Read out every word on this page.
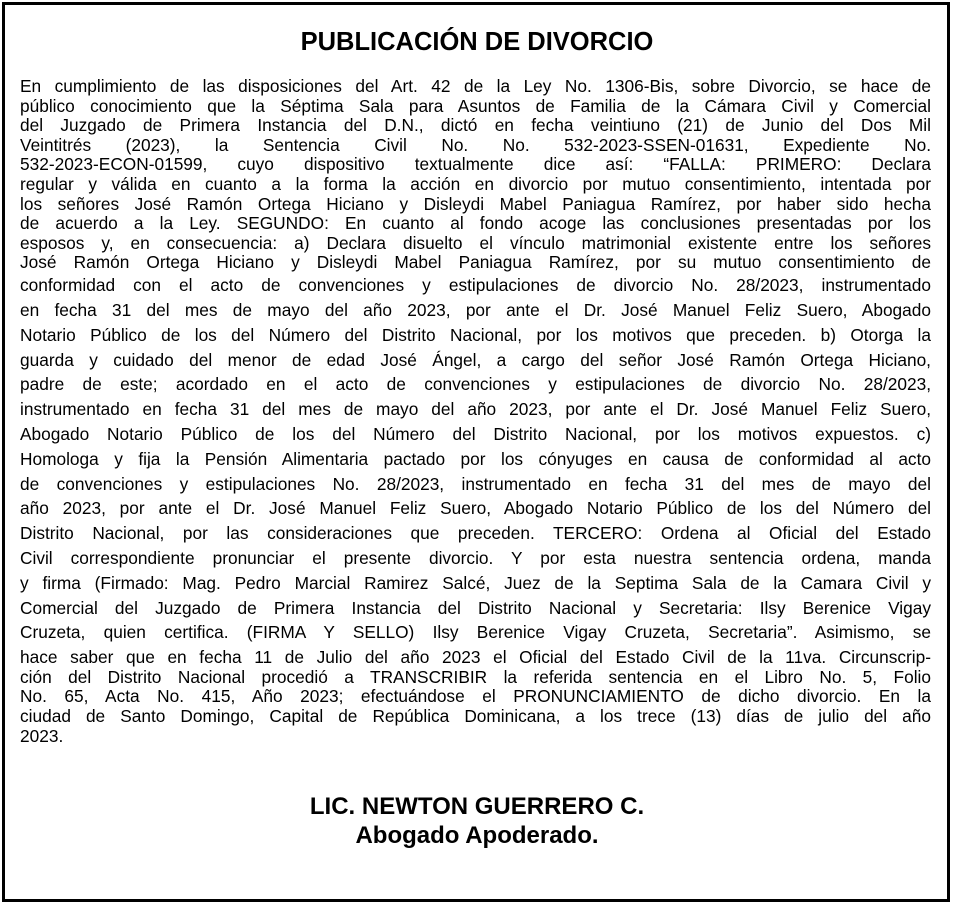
PUBLICACIÓN DE DIVORCIO
En cumplimiento de las disposiciones del Art. 42 de la Ley No. 1306-Bis, sobre Divorcio, se hace de
público conocimiento que la Séptima Sala para Asuntos de Familia de la Cámara Civil y Comercial
del Juzgado de Primera Instancia del D.N., dictó en fecha veintiuno (21) de Junio del Dos Mil
Veintitrés (2023), la Sentencia Civil No. No. 532-2023-SSEN-01631, Expediente No.
532-2023-ECON-01599, cuyo dispositivo textualmente dice así: “FALLA: PRIMERO: Declara
regular y válida en cuanto a la forma la acción en divorcio por mutuo consentimiento, intentada por
los señores José Ramón Ortega Hiciano y Disleydi Mabel Paniagua Ramírez, por haber sido hecha
de acuerdo a la Ley. SEGUNDO: En cuanto al fondo acoge las conclusiones presentadas por los
esposos y, en consecuencia: a) Declara disuelto el vínculo matrimonial existente entre los señores
José Ramón Ortega Hiciano y Disleydi Mabel Paniagua Ramírez, por su mutuo consentimiento de
conformidad con el acto de convenciones y estipulaciones de divorcio No. 28/2023, instrumentado
en fecha 31 del mes de mayo del año 2023, por ante el Dr. José Manuel Feliz Suero, Abogado
Notario Público de los del Número del Distrito Nacional, por los motivos que preceden. b) Otorga la
guarda y cuidado del menor de edad José Ángel, a cargo del señor José Ramón Ortega Hiciano,
padre de este; acordado en el acto de convenciones y estipulaciones de divorcio No. 28/2023,
instrumentado en fecha 31 del mes de mayo del año 2023, por ante el Dr. José Manuel Feliz Suero,
Abogado Notario Público de los del Número del Distrito Nacional, por los motivos expuestos. c)
Homologa y fija la Pensión Alimentaria pactado por los cónyuges en causa de conformidad al acto
de convenciones y estipulaciones No. 28/2023, instrumentado en fecha 31 del mes de mayo del
año 2023, por ante el Dr. José Manuel Feliz Suero, Abogado Notario Público de los del Número del
Distrito Nacional, por las consideraciones que preceden. TERCERO: Ordena al Oficial del Estado
Civil correspondiente pronunciar el presente divorcio. Y por esta nuestra sentencia ordena, manda
y firma (Firmado: Mag. Pedro Marcial Ramirez Salcé, Juez de la Septima Sala de la Camara Civil y
Comercial del Juzgado de Primera Instancia del Distrito Nacional y Secretaria: Ilsy Berenice Vigay
Cruzeta, quien certifica. (FIRMA Y SELLO) Ilsy Berenice Vigay Cruzeta, Secretaria”. Asimismo, se
hace saber que en fecha 11 de Julio del año 2023 el Oficial del Estado Civil de la 11va. Circunscrip-
ción del Distrito Nacional procedió a TRANSCRIBIR la referida sentencia en el Libro No. 5, Folio
No. 65, Acta No. 415, Año 2023; efectuándose el PRONUNCIAMIENTO de dicho divorcio. En la
ciudad de Santo Domingo, Capital de República Dominicana, a los trece (13) días de julio del año
2023.
LIC. NEWTON GUERRERO C.
Abogado Apoderado.
